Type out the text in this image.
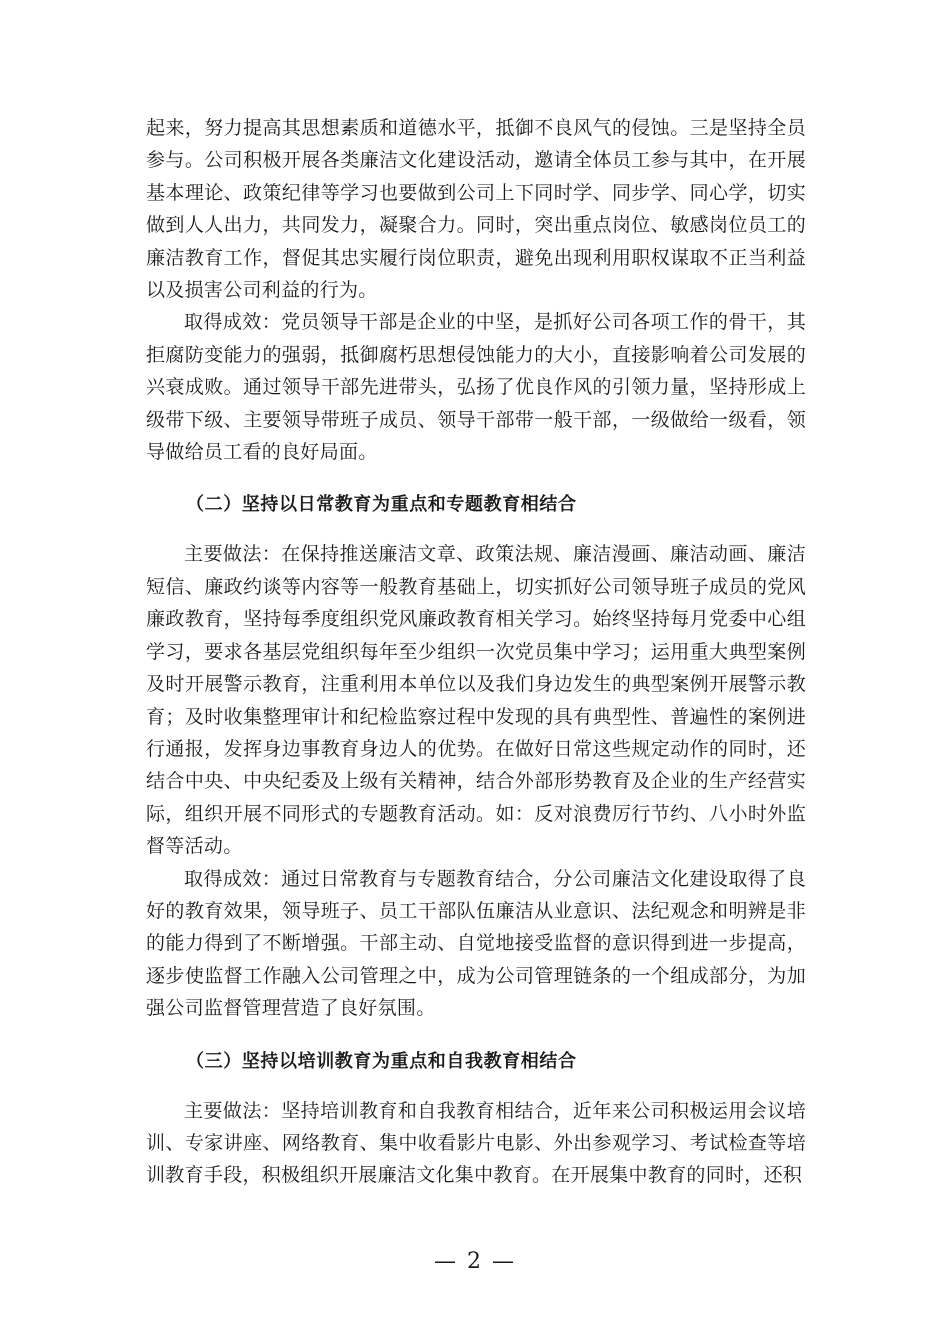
起来，努力提高其思想素质和道德水平，抵御不良风气的侵蚀。三是坚持全员参与。公司积极开展各类廉洁文化建设活动，邀请全体员工参与其中，在开展基本理论、政策纪律等学习也要做到公司上下同时学、同步学、同心学，切实做到人人出力，共同发力，凝聚合力。同时，突出重点岗位、敏感岗位员工的廉洁教育工作，督促其忠实履行岗位职责，避免出现利用职权谋取不正当利益以及损害公司利益的行为。

取得成效：党员领导干部是企业的中坚，是抓好公司各项工作的骨干，其拒腐防变能力的强弱，抵御腐朽思想侵蚀能力的大小，直接影响着公司发展的兴衰成败。通过领导干部先进带头，弘扬了优良作风的引领力量，坚持形成上级带下级、主要领导带班子成员、领导干部带一般干部，一级做给一级看，领导做给员工看的良好局面。

（二）坚持以日常教育为重点和专题教育相结合

主要做法：在保持推送廉洁文章、政策法规、廉洁漫画、廉洁动画、廉洁短信、廉政约谈等内容等一般教育基础上，切实抓好公司领导班子成员的党风廉政教育，坚持每季度组织党风廉政教育相关学习。始终坚持每月党委中心组学习，要求各基层党组织每年至少组织一次党员集中学习；运用重大典型案例及时开展警示教育，注重利用本单位以及我们身边发生的典型案例开展警示教育；及时收集整理审计和纪检监察过程中发现的具有典型性、普遍性的案例进行通报，发挥身边事教育身边人的优势。在做好日常这些规定动作的同时，还结合中央、中央纪委及上级有关精神，结合外部形势教育及企业的生产经营实际，组织开展不同形式的专题教育活动。如：反对浪费厉行节约、八小时外监督等活动。

取得成效：通过日常教育与专题教育结合，分公司廉洁文化建设取得了良好的教育效果，领导班子、员工干部队伍廉洁从业意识、法纪观念和明辨是非的能力得到了不断增强。干部主动、自觉地接受监督的意识得到进一步提高，逐步使监督工作融入公司管理之中，成为公司管理链条的一个组成部分，为加强公司监督管理营造了良好氛围。

（三）坚持以培训教育为重点和自我教育相结合

主要做法：坚持培训教育和自我教育相结合，近年来公司积极运用会议培训、专家讲座、网络教育、集中收看影片电影、外出参观学习、考试检查等培训教育手段，积极组织开展廉洁文化集中教育。在开展集中教育的同时，还积

— 2 —
